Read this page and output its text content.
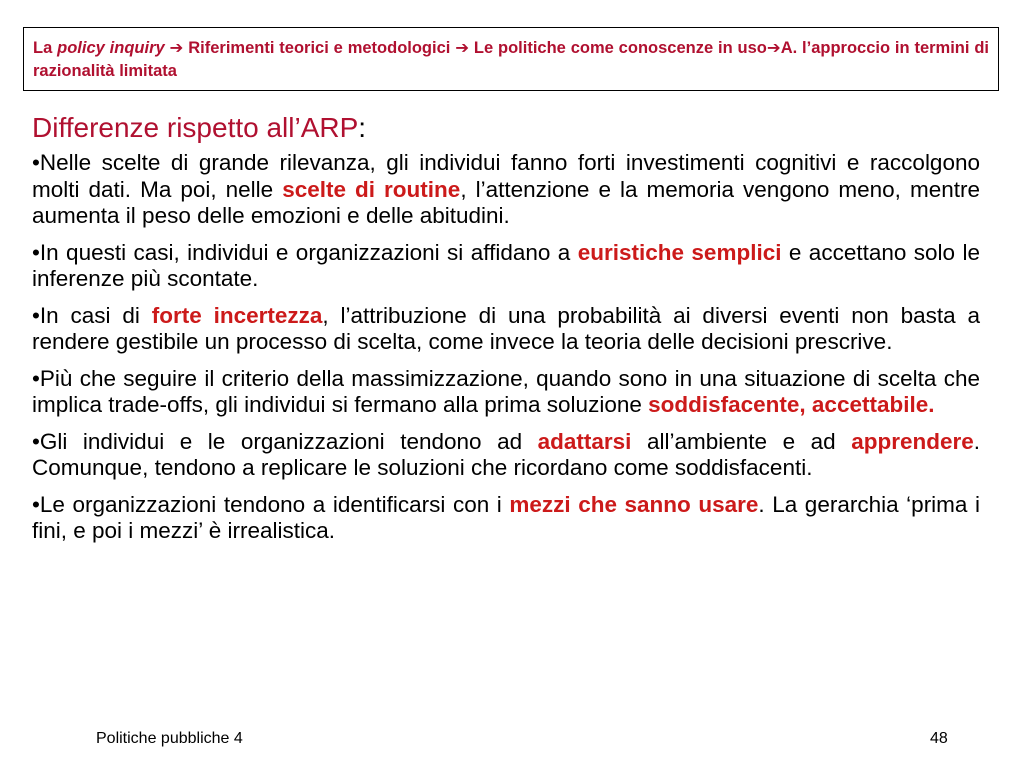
La policy inquiry ➔ Riferimenti teorici e metodologici ➔ Le politiche come conoscenze in uso➔A. l’approccio in termini di razionalità limitata
Differenze rispetto all’ARP:

•Nelle scelte di grande rilevanza, gli individui fanno forti investimenti cognitivi e raccolgono molti dati. Ma poi, nelle scelte di routine, l’attenzione e la memoria vengono meno, mentre aumenta il peso delle emozioni e delle abitudini.

•In questi casi, individui e organizzazioni si affidano a euristiche semplici e accettano solo le inferenze più scontate.

•In casi di forte incertezza, l’attribuzione di una probabilità ai diversi eventi non basta a rendere gestibile un processo di scelta, come invece la teoria delle decisioni prescrive.

•Più che seguire il criterio della massimizzazione, quando sono in una situazione di scelta che implica trade-offs, gli individui si fermano alla prima soluzione soddisfacente, accettabile.

•Gli individui e le organizzazioni tendono ad adattarsi all’ambiente e ad apprendere. Comunque, tendono a replicare le soluzioni che ricordano come soddisfacenti.

•Le organizzazioni tendono a identificarsi con i mezzi che sanno usare. La gerarchia ‘prima i fini, e poi i mezzi’ è irrealistica.

Politiche pubbliche 4	48
